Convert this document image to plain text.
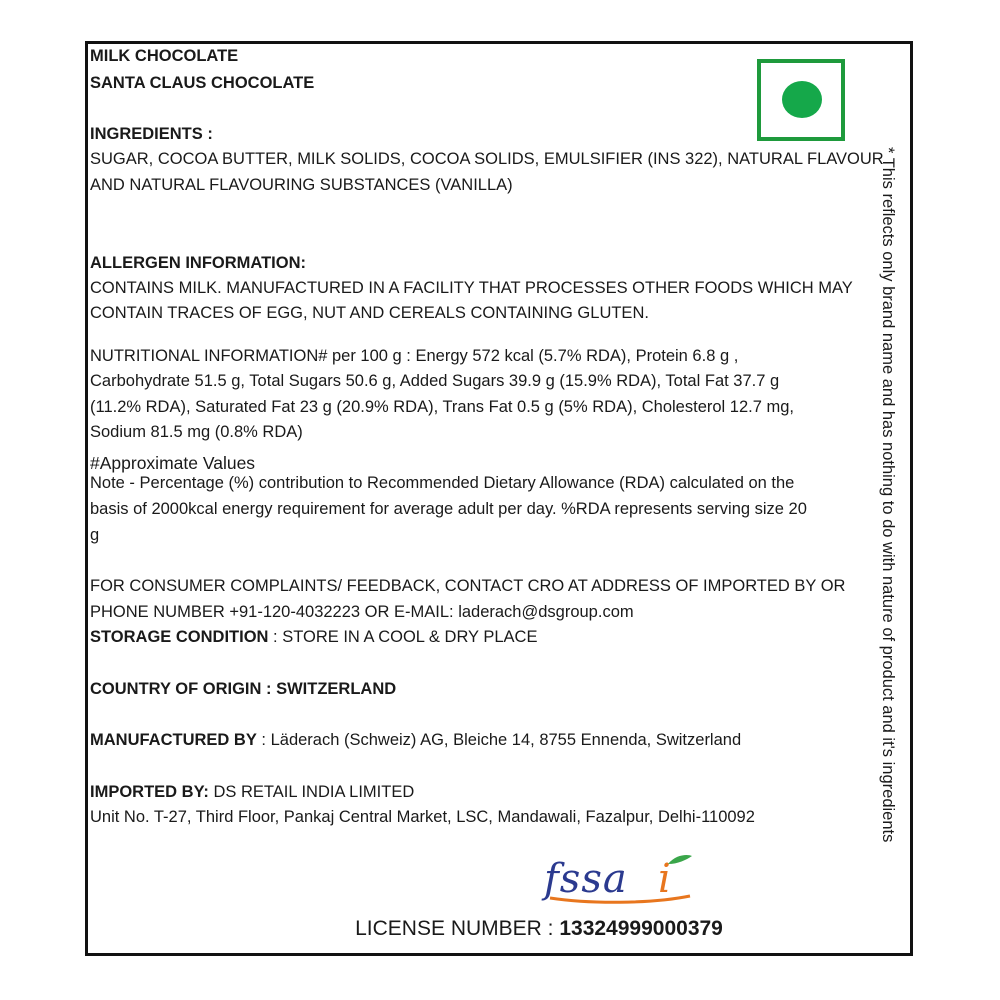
MILK CHOCOLATE
SANTA CLAUS CHOCOLATE
INGREDIENTS :
SUGAR, COCOA BUTTER, MILK SOLIDS, COCOA SOLIDS, EMULSIFIER (INS 322), NATURAL FLAVOUR
AND NATURAL FLAVOURING SUBSTANCES (VANILLA)
ALLERGEN INFORMATION:
CONTAINS MILK. MANUFACTURED IN A FACILITY THAT PROCESSES OTHER FOODS WHICH MAY
CONTAIN TRACES OF EGG, NUT AND CEREALS CONTAINING GLUTEN.
NUTRITIONAL INFORMATION# per 100 g : Energy 572 kcal (5.7% RDA), Protein 6.8 g ,
Carbohydrate 51.5 g, Total Sugars 50.6 g, Added Sugars 39.9 g (15.9% RDA), Total Fat 37.7 g
(11.2% RDA), Saturated Fat 23 g (20.9% RDA), Trans Fat 0.5 g (5% RDA), Cholesterol 12.7 mg,
Sodium 81.5 mg (0.8% RDA)
#Approximate Values
Note - Percentage (%) contribution to Recommended Dietary Allowance (RDA) calculated on the
basis of 2000kcal energy requirement for average adult per day. %RDA represents serving size 20
g
FOR CONSUMER COMPLAINTS/ FEEDBACK, CONTACT CRO AT ADDRESS OF IMPORTED BY OR
PHONE NUMBER +91-120-4032223 OR E-MAIL: laderach@dsgroup.com
STORAGE CONDITION : STORE IN A COOL & DRY PLACE
COUNTRY OF ORIGIN : SWITZERLAND
MANUFACTURED BY : Läderach (Schweiz) AG, Bleiche 14, 8755 Ennenda, Switzerland
IMPORTED BY: DS RETAIL INDIA LIMITED
Unit No. T-27, Third Floor, Pankaj Central Market, LSC, Mandawali, Fazalpur, Delhi-110092	* This reflects only brand name and has nothing to do with nature of product and it's ingredients
fssa i
LICENSE NUMBER : 13324999000379
